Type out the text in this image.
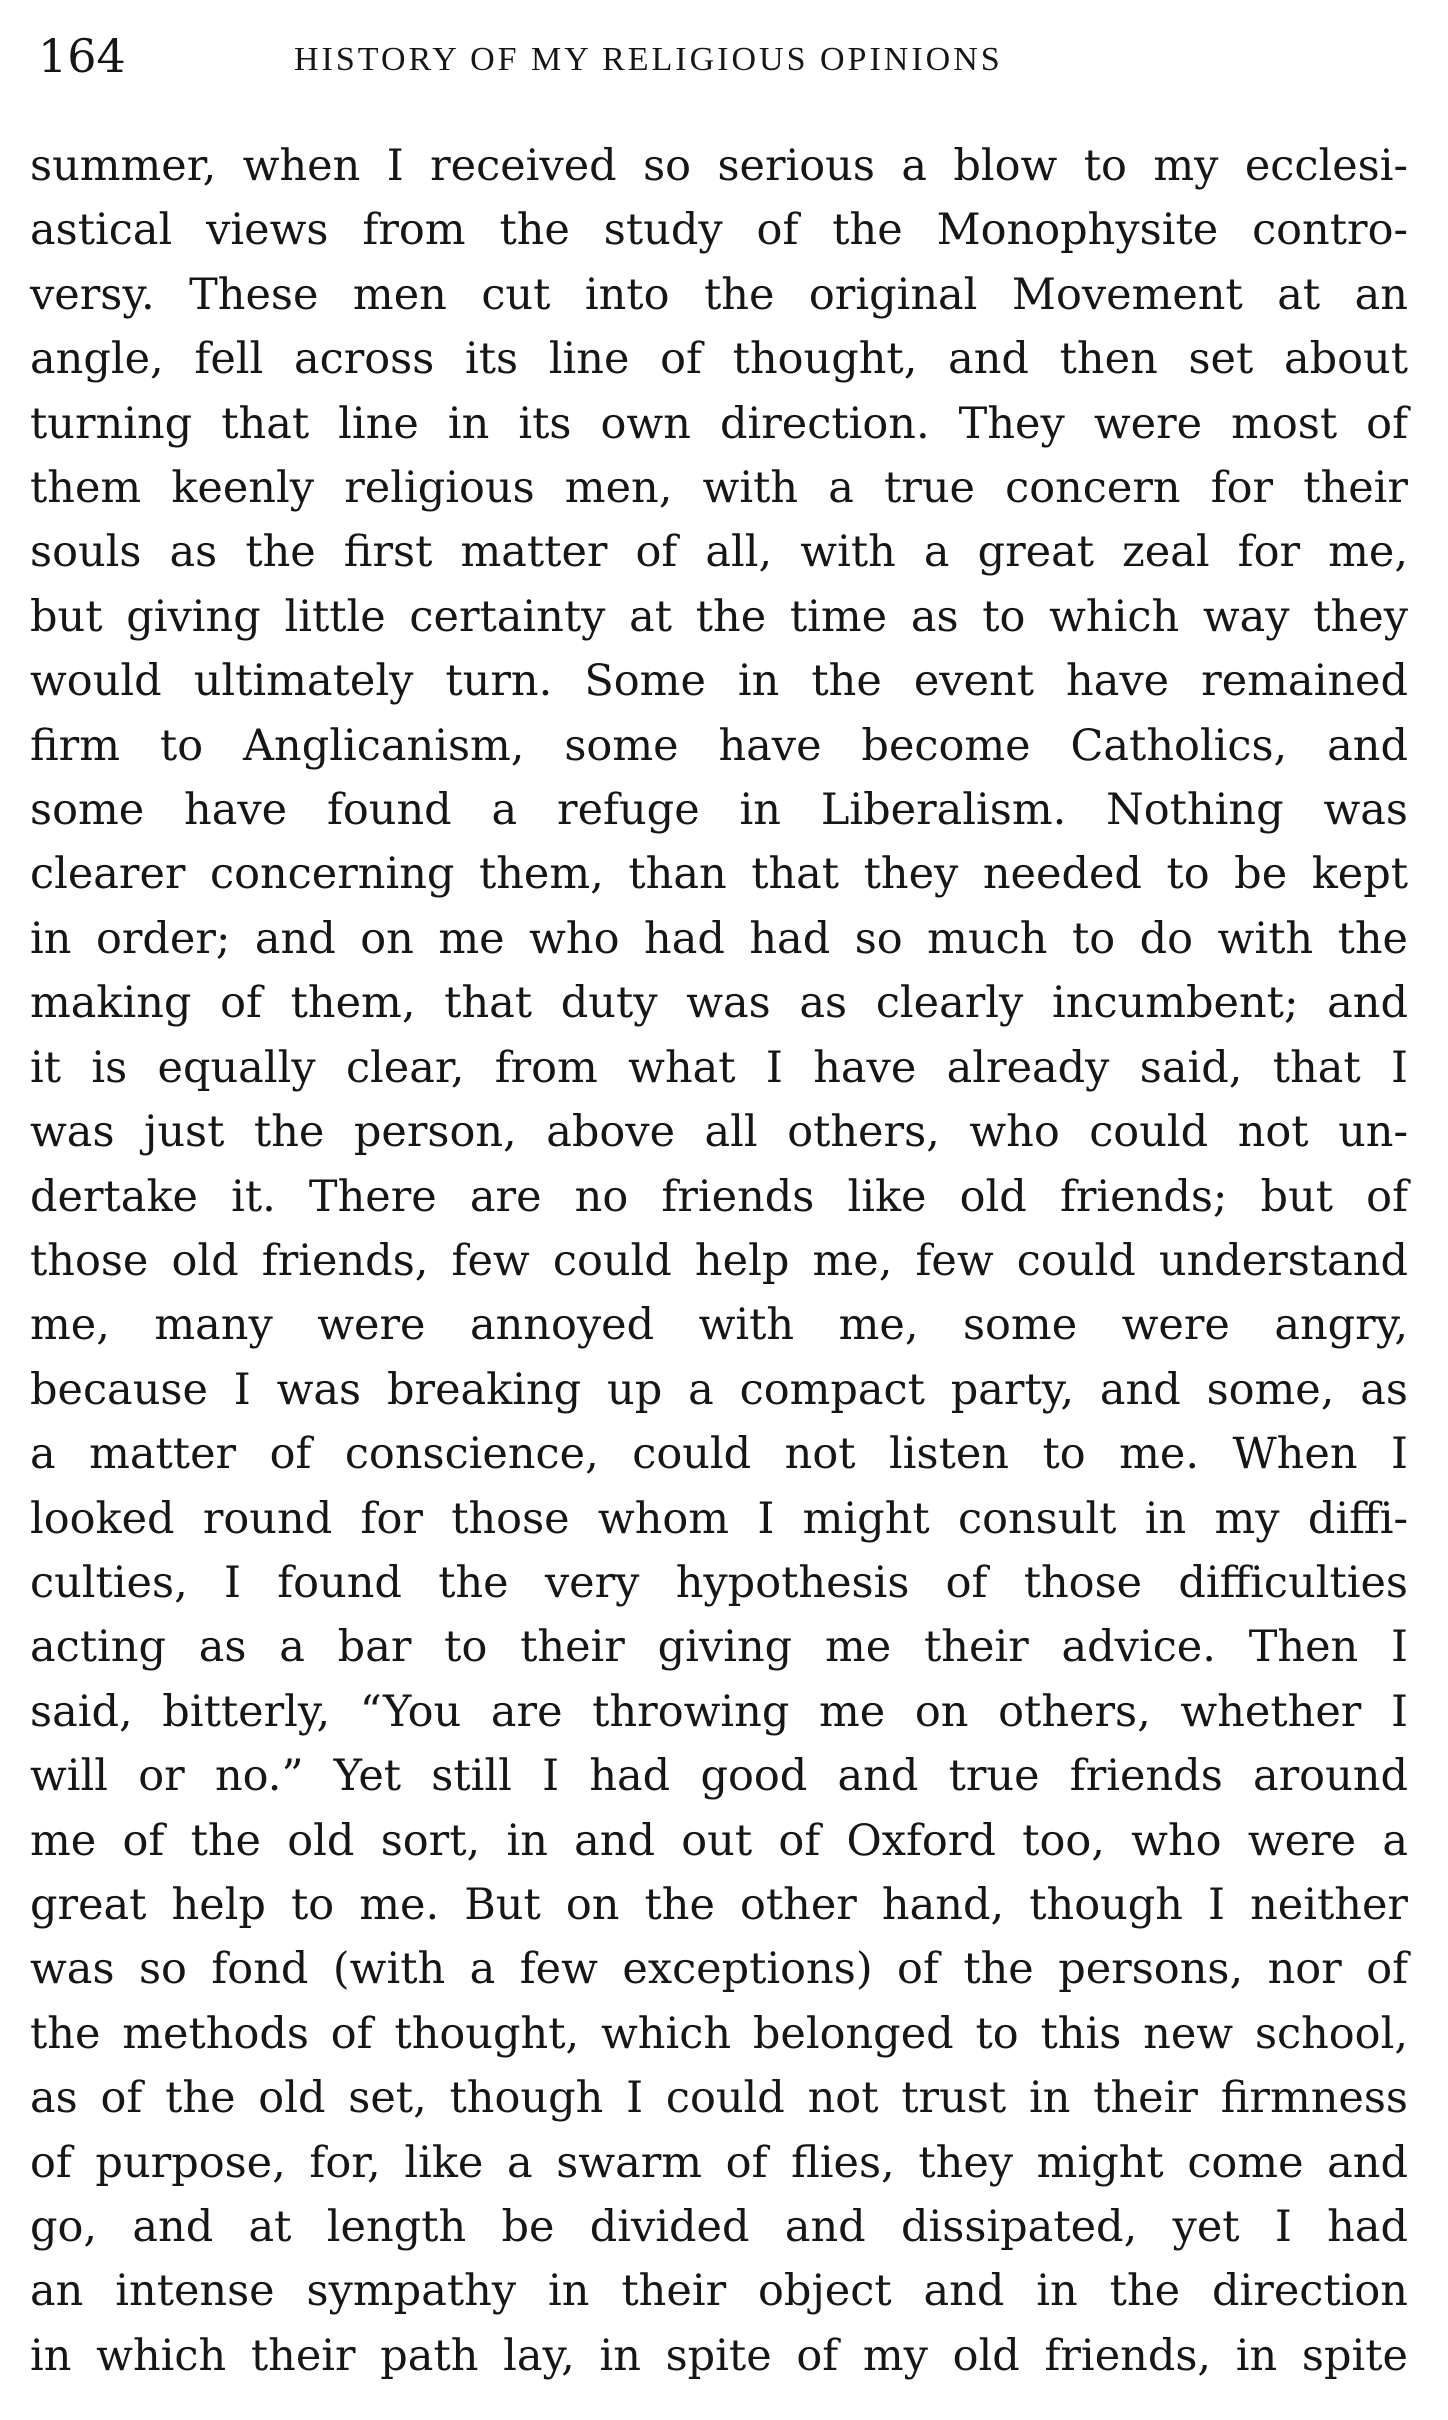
164	HISTORY OF MY RELIGIOUS OPINIONS
summer, when I received so serious a blow to my ecclesi-
astical views from the study of the Monophysite contro-
versy. These men cut into the original Movement at an
angle, fell across its line of thought, and then set about
turning that line in its own direction. They were most of
them keenly religious men, with a true concern for their
souls as the first matter of all, with a great zeal for me,
but giving little certainty at the time as to which way they
would ultimately turn. Some in the event have remained
firm to Anglicanism, some have become Catholics, and
some have found a refuge in Liberalism. Nothing was
clearer concerning them, than that they needed to be kept
in order; and on me who had had so much to do with the
making of them, that duty was as clearly incumbent; and
it is equally clear, from what I have already said, that I
was just the person, above all others, who could not un-
dertake it. There are no friends like old friends; but of
those old friends, few could help me, few could understand
me, many were annoyed with me, some were angry,
because I was breaking up a compact party, and some, as
a matter of conscience, could not listen to me. When I
looked round for those whom I might consult in my diffi-
culties, I found the very hypothesis of those difficulties
acting as a bar to their giving me their advice. Then I
said, bitterly, “You are throwing me on others, whether I
will or no.” Yet still I had good and true friends around
me of the old sort, in and out of Oxford too, who were a
great help to me. But on the other hand, though I neither
was so fond (with a few exceptions) of the persons, nor of
the methods of thought, which belonged to this new school,
as of the old set, though I could not trust in their firmness
of purpose, for, like a swarm of flies, they might come and
go, and at length be divided and dissipated, yet I had
an intense sympathy in their object and in the direction
in which their path lay, in spite of my old friends, in spite
